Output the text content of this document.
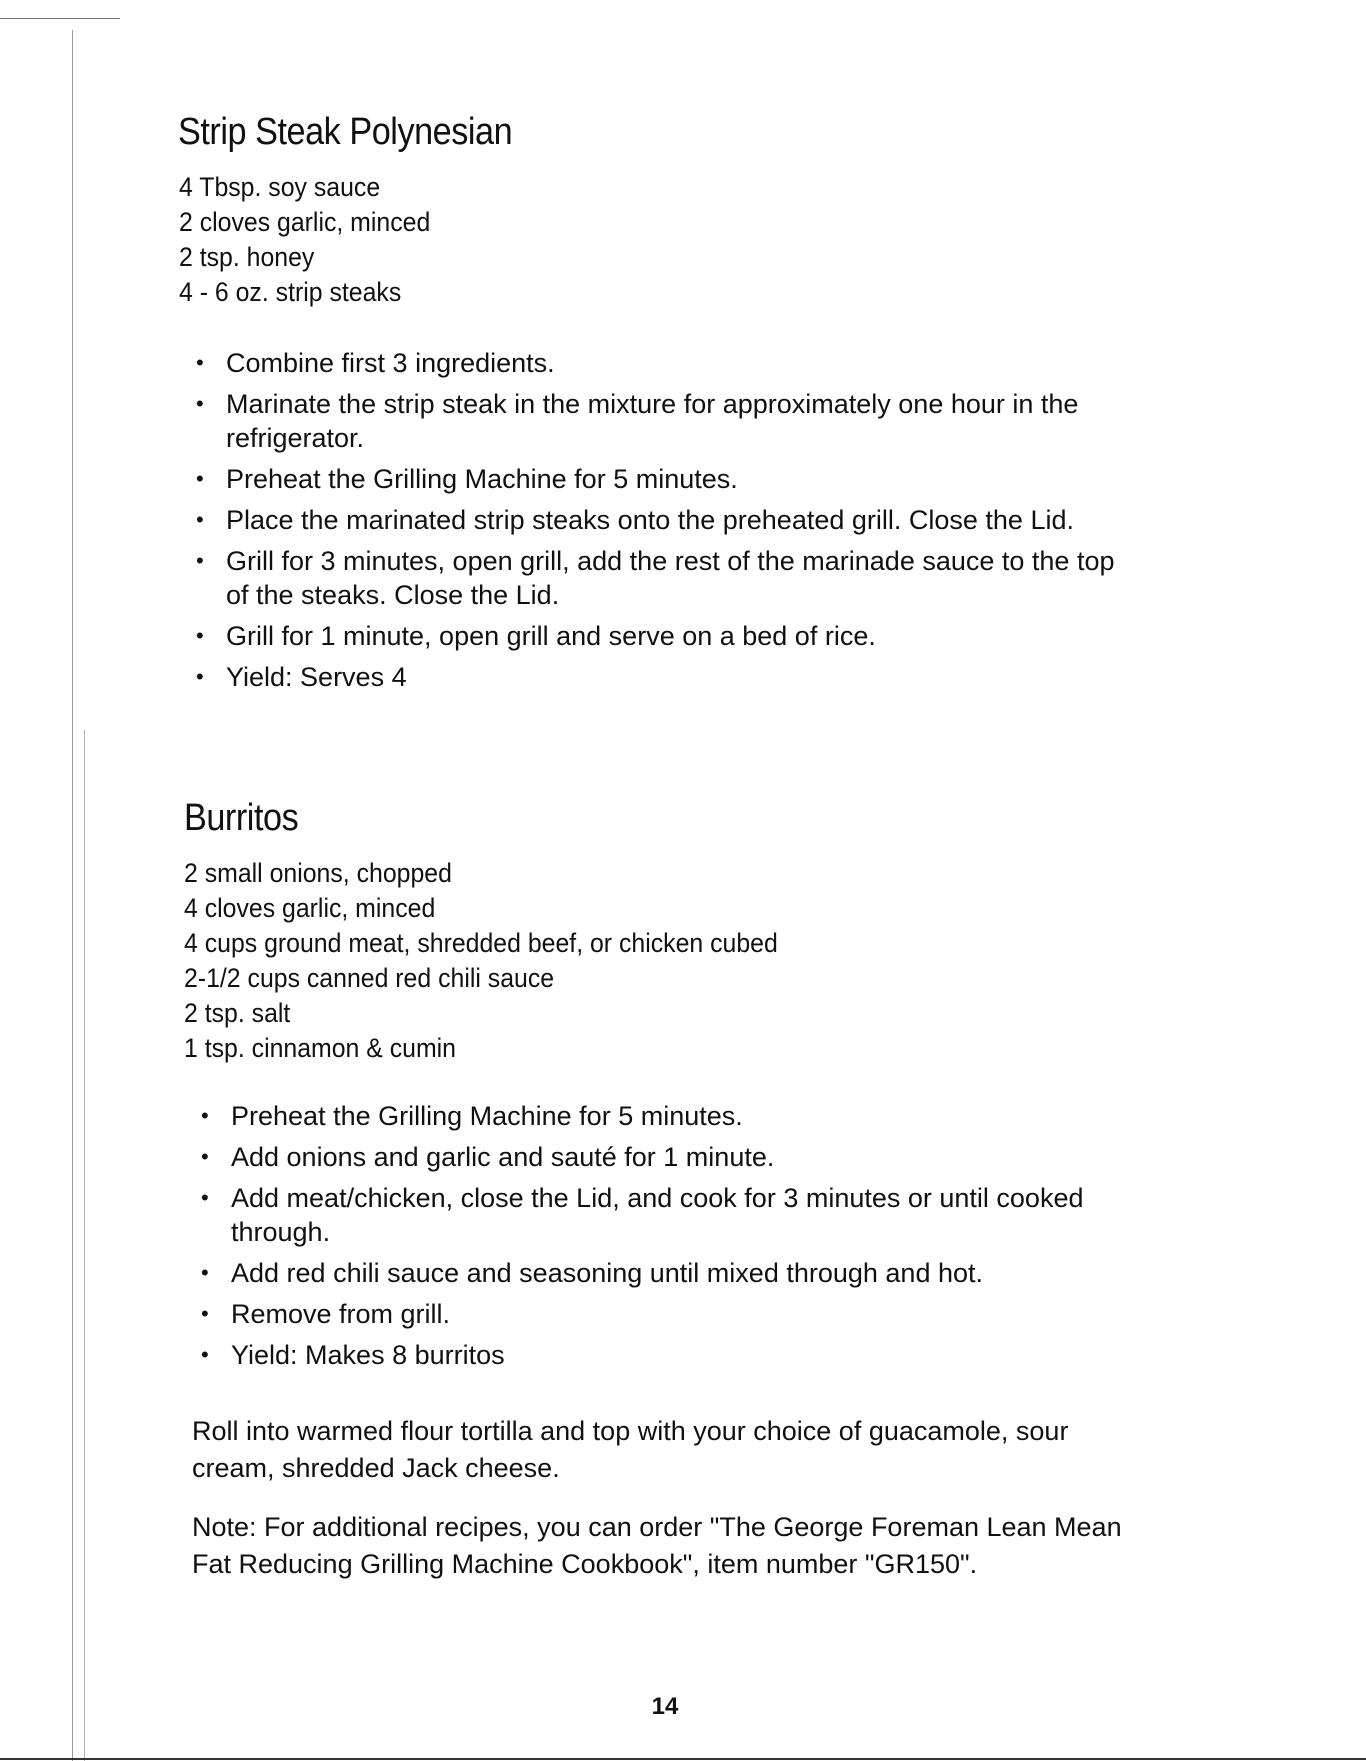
Strip Steak Polynesian
4 Tbsp. soy sauce
2 cloves garlic, minced
2 tsp. honey
4 - 6 oz. strip steaks
• Combine first 3 ingredients.
• Marinate the strip steak in the mixture for approximately one hour in the refrigerator.
• Preheat the Grilling Machine for 5 minutes.
• Place the marinated strip steaks onto the preheated grill. Close the Lid.
• Grill for 3 minutes, open grill, add the rest of the marinade sauce to the top of the steaks. Close the Lid.
• Grill for 1 minute, open grill and serve on a bed of rice.
• Yield: Serves 4
Burritos
2 small onions, chopped
4 cloves garlic, minced
4 cups ground meat, shredded beef, or chicken cubed
2-1/2 cups canned red chili sauce
2 tsp. salt
1 tsp. cinnamon & cumin
• Preheat the Grilling Machine for 5 minutes.
• Add onions and garlic and sauté for 1 minute.
• Add meat/chicken, close the Lid, and cook for 3 minutes or until cooked through.
• Add red chili sauce and seasoning until mixed through and hot.
• Remove from grill.
• Yield: Makes 8 burritos

Roll into warmed flour tortilla and top with your choice of guacamole, sour cream, shredded Jack cheese.

Note: For additional recipes, you can order "The George Foreman Lean Mean Fat Reducing Grilling Machine Cookbook", item number "GR150".

14
